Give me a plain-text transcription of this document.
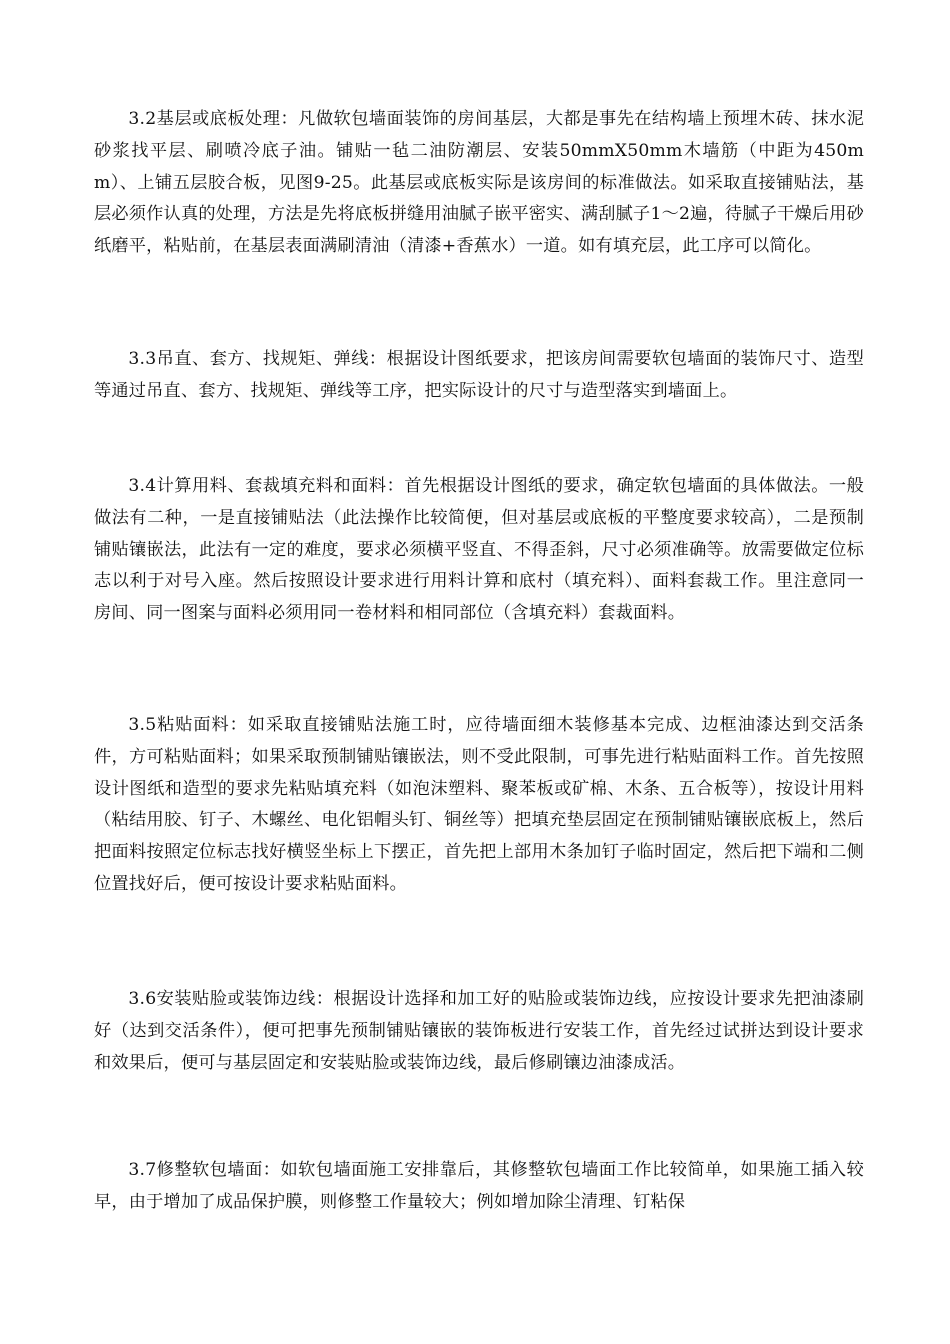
3.2基层或底板处理：凡做软包墙面装饰的房间基层，大都是事先在结构墙上预埋木砖、抹水泥砂浆找平层、刷喷冷底子油。铺贴一毡二油防潮层、安装50mmX50mm木墙筋（中距为450mm）、上铺五层胶合板，见图9-25。此基层或底板实际是该房间的标准做法。如采取直接铺贴法，基层必须作认真的处理，方法是先将底板拼缝用油腻子嵌平密实、满刮腻子1～2遍，待腻子干燥后用砂纸磨平，粘贴前，在基层表面满刷清油（清漆+香蕉水）一道。如有填充层，此工序可以简化。

3.3吊直、套方、找规矩、弹线：根据设计图纸要求，把该房间需要软包墙面的装饰尺寸、造型等通过吊直、套方、找规矩、弹线等工序，把实际设计的尺寸与造型落实到墙面上。

3.4计算用料、套裁填充料和面料：首先根据设计图纸的要求，确定软包墙面的具体做法。一般做法有二种，一是直接铺贴法（此法操作比较简便，但对基层或底板的平整度要求较高），二是预制铺贴镶嵌法，此法有一定的难度，要求必须横平竖直、不得歪斜，尺寸必须准确等。放需要做定位标志以利于对号入座。然后按照设计要求进行用料计算和底村（填充料）、面料套裁工作。里注意同一房间、同一图案与面料必须用同一卷材料和相同部位（含填充料）套裁面料。

3.5粘贴面料：如采取直接铺贴法施工时，应待墙面细木装修基本完成、边框油漆达到交活条件，方可粘贴面料；如果采取预制铺贴镶嵌法，则不受此限制，可事先进行粘贴面料工作。首先按照设计图纸和造型的要求先粘贴填充料（如泡沫塑料、聚苯板或矿棉、木条、五合板等），按设计用料（粘结用胶、钉子、木螺丝、电化铝帽头钉、铜丝等）把填充垫层固定在预制铺贴镶嵌底板上，然后把面料按照定位标志找好横竖坐标上下摆正，首先把上部用木条加钉子临时固定，然后把下端和二侧位置找好后，便可按设计要求粘贴面料。

3.6安装贴脸或装饰边线：根据设计选择和加工好的贴脸或装饰边线，应按设计要求先把油漆刷好（达到交活条件），便可把事先预制铺贴镶嵌的装饰板进行安装工作，首先经过试拼达到设计要求和效果后，便可与基层固定和安装贴脸或装饰边线，最后修刷镶边油漆成活。

3.7修整软包墙面：如软包墙面施工安排靠后，其修整软包墙面工作比较简单，如果施工插入较早，由于增加了成品保护膜，则修整工作量较大；例如增加除尘清理、钉粘保
